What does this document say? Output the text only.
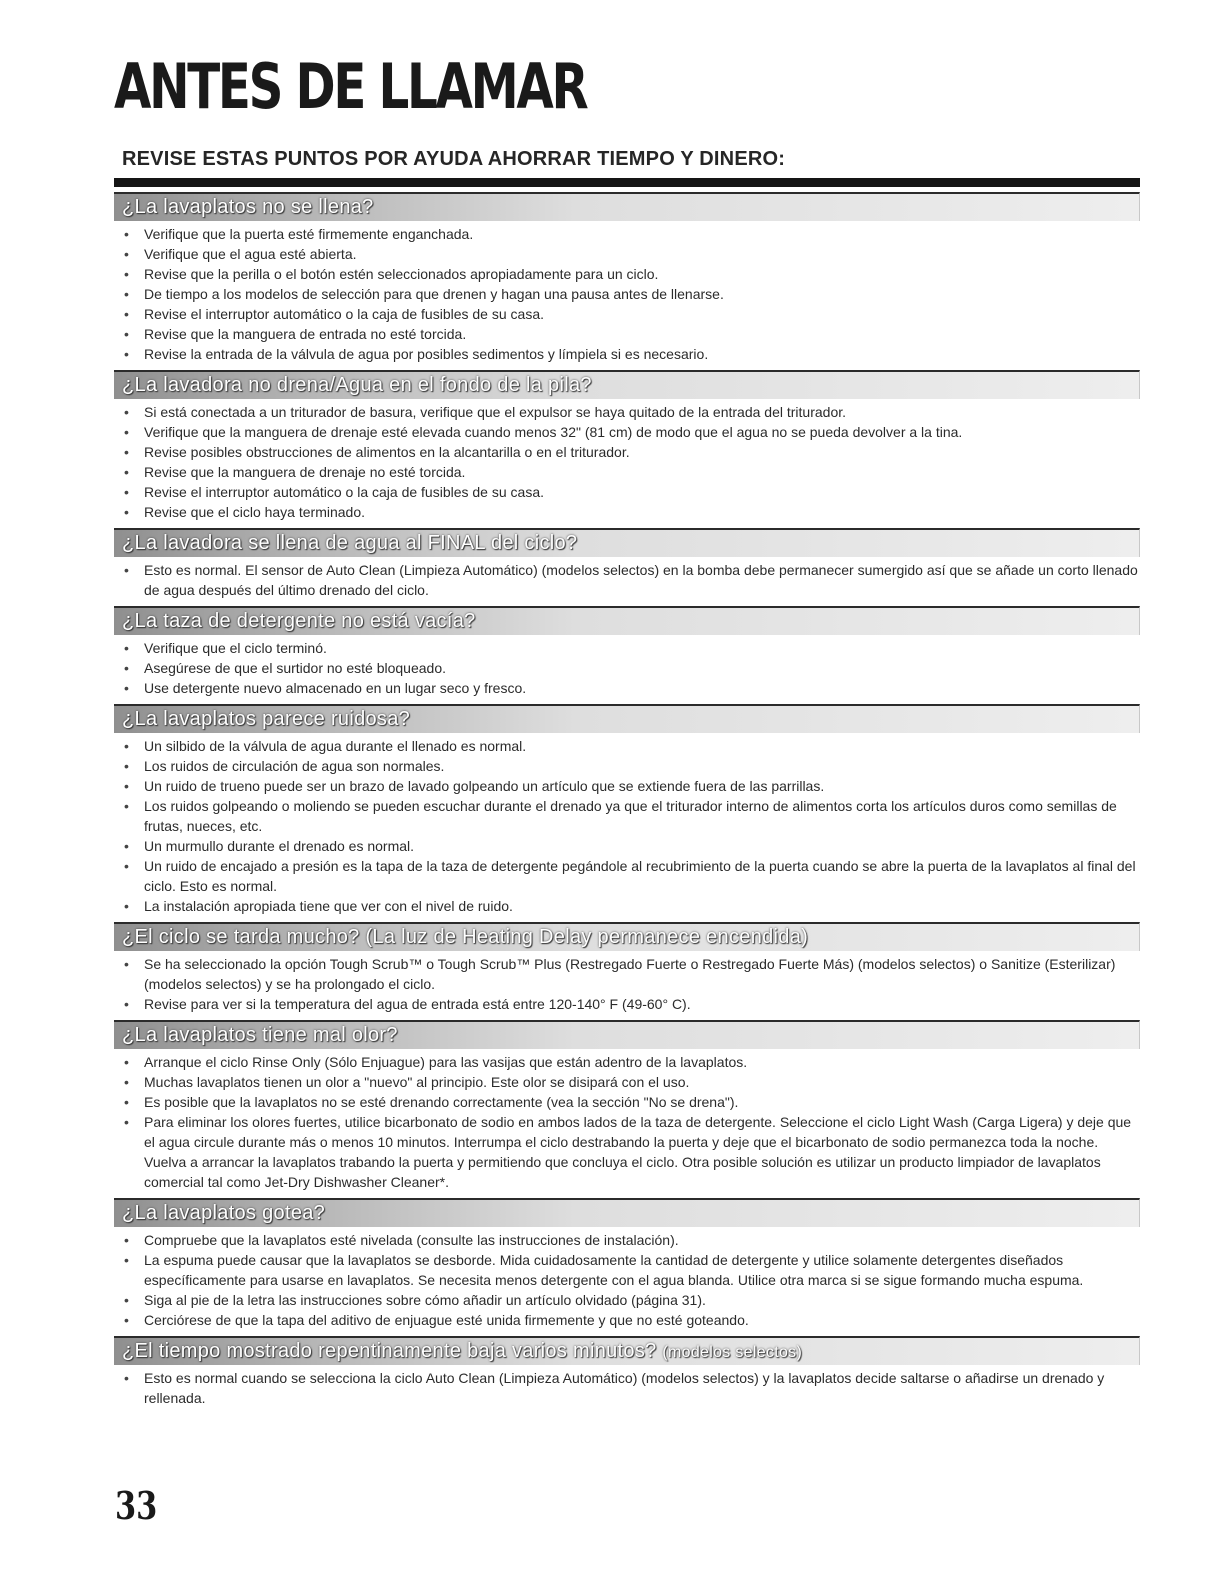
ANTES DE LLAMAR
REVISE ESTAS PUNTOS POR AYUDA AHORRAR TIEMPO Y DINERO:
¿La lavaplatos no se llena?
• Verifique que la puerta esté firmemente enganchada.
• Verifique que el agua esté abierta.
• Revise que la perilla o el botón estén seleccionados apropiadamente para un ciclo.
• De tiempo a los modelos de selección para que drenen y hagan una pausa antes de llenarse.
• Revise el interruptor automático o la caja de fusibles de su casa.
• Revise que la manguera de entrada no esté torcida.
• Revise la entrada de la válvula de agua por posibles sedimentos y límpiela si es necesario.
¿La lavadora no drena/Agua en el fondo de la pila?
• Si está conectada a un triturador de basura, verifique que el expulsor se haya quitado de la entrada del triturador.
• Verifique que la manguera de drenaje esté elevada cuando menos 32" (81 cm) de modo que el agua no se pueda devolver a la tina.
• Revise posibles obstrucciones de alimentos en la alcantarilla o en el triturador.
• Revise que la manguera de drenaje no esté torcida.
• Revise el interruptor automático o la caja de fusibles de su casa.
• Revise que el ciclo haya terminado.
¿La lavadora se llena de agua al FINAL del ciclo?
• Esto es normal. El sensor de Auto Clean (Limpieza Automático) (modelos selectos) en la bomba debe permanecer sumergido así que se añade un corto llenado de agua después del último drenado del ciclo.
¿La taza de detergente no está vacía?
• Verifique que el ciclo terminó.
• Asegúrese de que el surtidor no esté bloqueado.
• Use detergente nuevo almacenado en un lugar seco y fresco.
¿La lavaplatos parece ruidosa?
• Un silbido de la válvula de agua durante el llenado es normal.
• Los ruidos de circulación de agua son normales.
• Un ruido de trueno puede ser un brazo de lavado golpeando un artículo que se extiende fuera de las parrillas.
• Los ruidos golpeando o moliendo se pueden escuchar durante el drenado ya que el triturador interno de alimentos corta los artículos duros como semillas de frutas, nueces, etc.
• Un murmullo durante el drenado es normal.
• Un ruido de encajado a presión es la tapa de la taza de detergente pegándole al recubrimiento de la puerta cuando se abre la puerta de la lavaplatos al final del ciclo. Esto es normal.
• La instalación apropiada tiene que ver con el nivel de ruido.
¿El ciclo se tarda mucho? (La luz de Heating Delay permanece encendida)
• Se ha seleccionado la opción Tough Scrub™ o Tough Scrub™ Plus (Restregado Fuerte o Restregado Fuerte Más) (modelos selectos) o Sanitize (Esterilizar) (modelos selectos) y se ha prolongado el ciclo.
• Revise para ver si la temperatura del agua de entrada está entre 120-140° F (49-60° C).
¿La lavaplatos tiene mal olor?
• Arranque el ciclo Rinse Only (Sólo Enjuague) para las vasijas que están adentro de la lavaplatos.
• Muchas lavaplatos tienen un olor a "nuevo" al principio. Este olor se disipará con el uso.
• Es posible que la lavaplatos no se esté drenando correctamente (vea la sección "No se drena").
• Para eliminar los olores fuertes, utilice bicarbonato de sodio en ambos lados de la taza de detergente. Seleccione el ciclo Light Wash (Carga Ligera) y deje que el agua circule durante más o menos 10 minutos. Interrumpa el ciclo destrabando la puerta y deje que el bicarbonato de sodio permanezca toda la noche. Vuelva a arrancar la lavaplatos trabando la puerta y permitiendo que concluya el ciclo. Otra posible solución es utilizar un producto limpiador de lavaplatos comercial tal como Jet-Dry Dishwasher Cleaner*.
¿La lavaplatos gotea?
• Compruebe que la lavaplatos esté nivelada (consulte las instrucciones de instalación).
• La espuma puede causar que la lavaplatos se desborde. Mida cuidadosamente la cantidad de detergente y utilice solamente detergentes diseñados específicamente para usarse en lavaplatos. Se necesita menos detergente con el agua blanda. Utilice otra marca si se sigue formando mucha espuma.
• Siga al pie de la letra las instrucciones sobre cómo añadir un artículo olvidado (página 31).
• Cerciórese de que la tapa del aditivo de enjuague esté unida firmemente y que no esté goteando.
¿El tiempo mostrado repentinamente baja varios minutos? (modelos selectos)
• Esto es normal cuando se selecciona la ciclo Auto Clean (Limpieza Automático) (modelos selectos) y la lavaplatos decide saltarse o añadirse un drenado y rellenada.
33
